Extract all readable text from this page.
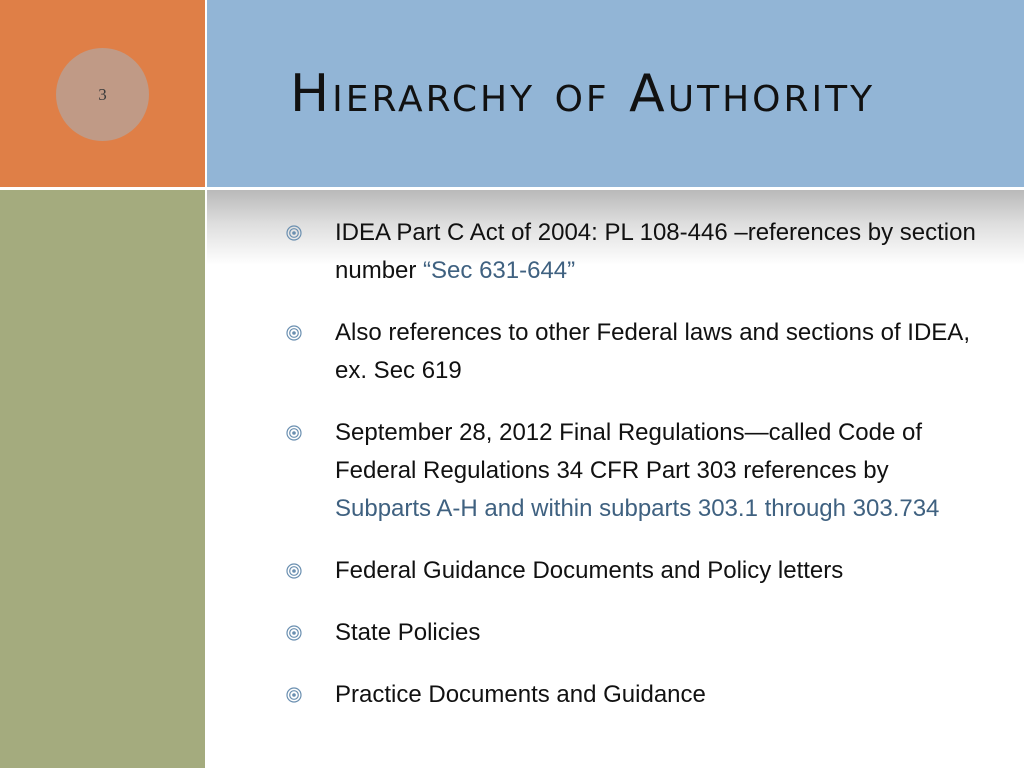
3	Hierarchy of Authority
IDEA Part C Act of 2004: PL 108-446 –references by section number “Sec 631-644”
Also references to other Federal laws and sections of IDEA, ex. Sec 619
September 28, 2012 Final Regulations—called Code of Federal Regulations 34 CFR Part 303 references by Subparts A-H and within subparts 303.1 through 303.734
Federal Guidance Documents and Policy letters
State Policies
Practice Documents and Guidance
